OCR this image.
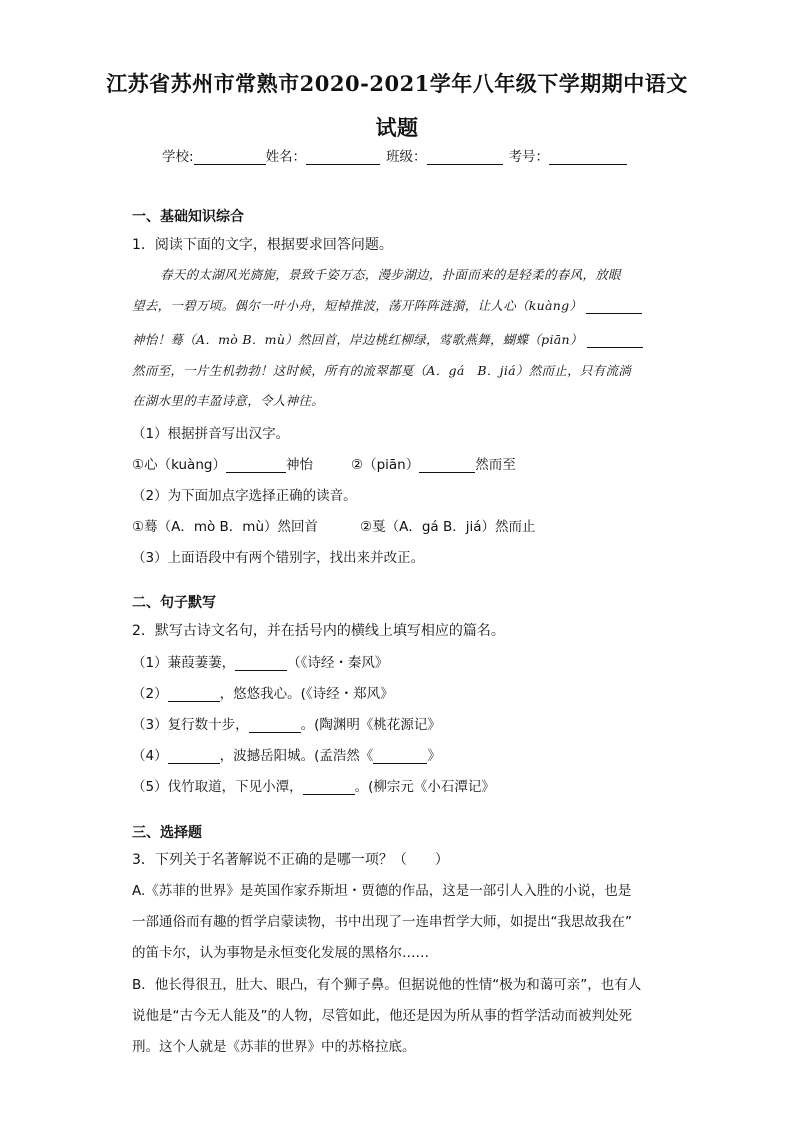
江苏省苏州市常熟市2020-2021学年八年级下学期期中语文
试题
学校:	姓名：	班级：	考号：
一、基础知识综合
1．阅读下面的文字，根据要求回答问题。
春天的太湖风光旖旎，景致千姿万态，漫步湖边，扑面而来的是轻柔的春风，放眼
望去，一碧万顷。偶尔一叶小舟，短棹推波，荡开阵阵涟漪，让人心（kuàng）
神怡！蓦（A．mò B．mù）然回首，岸边桃红柳绿，莺歌燕舞，蝴蝶（piān）
然而至，一片生机勃勃！这时候，所有的流翠都戛（A．gá　B．jiá）然而止，只有流淌
在湖水里的丰盈诗意，令人神往。
（1）根据拼音写出汉字。
①心（kuàng）	神怡	②（piān）	然而至
（2）为下面加点字选择正确的读音。
①蓦（A．mò B．mù）然回首	②戛（A．gá B．jiá）然而止
（3）上面语段中有两个错别字，找出来并改正。
二、句子默写
2．默写古诗文名句，并在括号内的横线上填写相应的篇名。
（1）蒹葭萋萋，	（《诗经・秦风》
（2）	，悠悠我心。(《诗经・郑风》
（3）复行数十步，	。(陶渊明《桃花源记》
（4）	，波撼岳阳城。(孟浩然《	》
（5）伐竹取道，下见小潭，	。(柳宗元《小石潭记》
三、选择题
3．下列关于名著解说不正确的是哪一项？（　　）
A.《苏菲的世界》是英国作家乔斯坦・贾德的作品，这是一部引人入胜的小说，也是
一部通俗而有趣的哲学启蒙读物，书中出现了一连串哲学大师，如提出“我思故我在”
的笛卡尔，认为事物是永恒变化发展的黑格尔……
B．他长得很丑，肚大、眼凸，有个狮子鼻。但据说他的性情“极为和蔼可亲”，也有人
说他是“古今无人能及”的人物，尽管如此，他还是因为所从事的哲学活动而被判处死
刑。这个人就是《苏菲的世界》中的苏格拉底。
